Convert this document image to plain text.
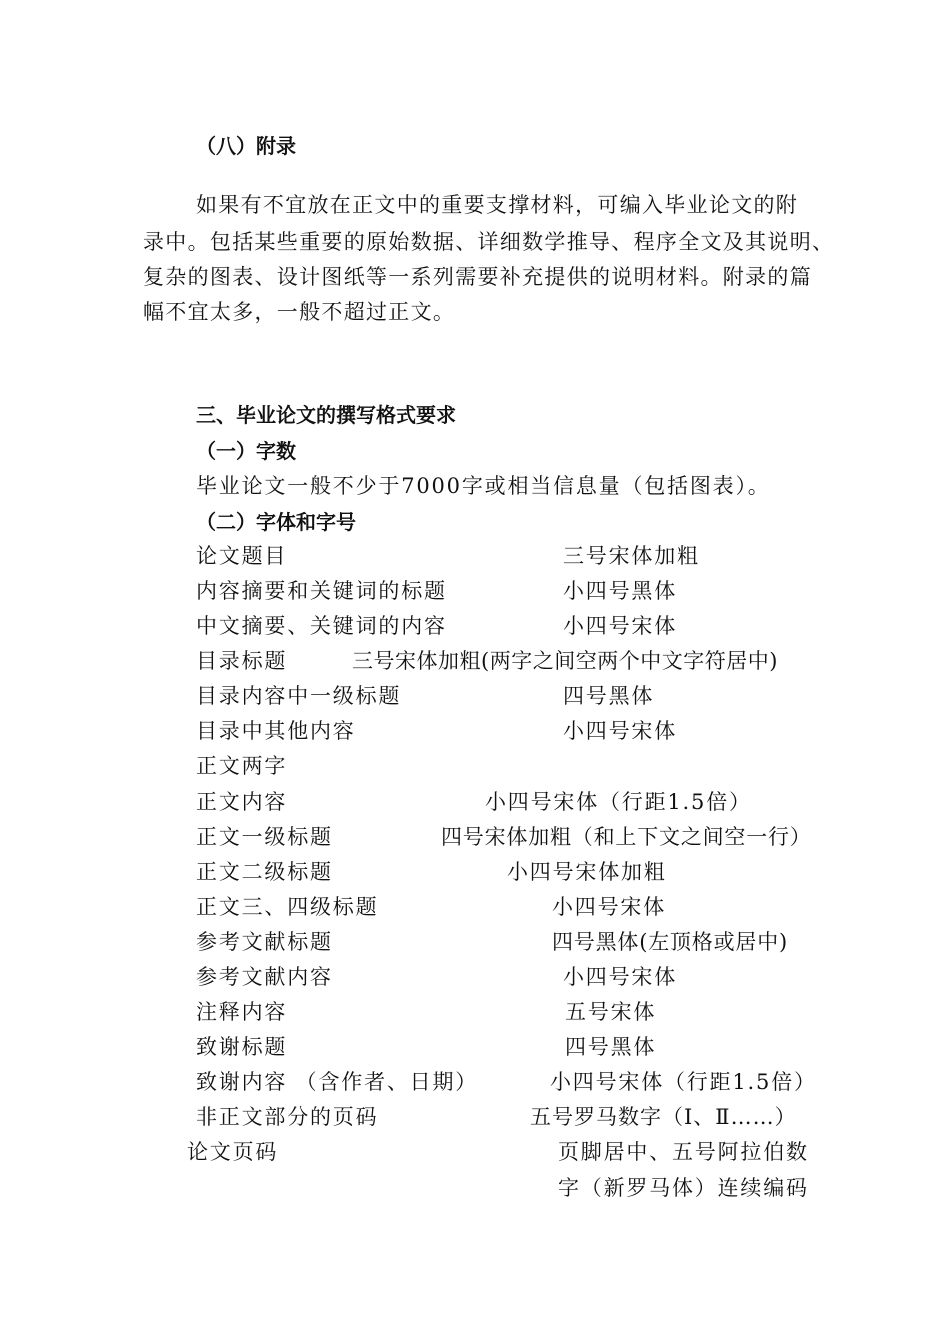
（八）附录
如果有不宜放在正文中的重要支撑材料，可编入毕业论文的附
录中。包括某些重要的原始数据、详细数学推导、程序全文及其说明、
复杂的图表、设计图纸等一系列需要补充提供的说明材料。附录的篇
幅不宜太多，一般不超过正文。
三、毕业论文的撰写格式要求
（一）字数
毕业论文一般不少于7000字或相当信息量（包括图表）。
（二）字体和字号
论文题目	三号宋体加粗
内容摘要和关键词的标题	小四号黑体
中文摘要、关键词的内容	小四号宋体
目录标题	三号宋体加粗(两字之间空两个中文字符居中)
目录内容中一级标题	四号黑体
目录中其他内容	小四号宋体
正文两字
正文内容	小四号宋体（行距1.5倍）
正文一级标题	四号宋体加粗（和上下文之间空一行）
正文二级标题	小四号宋体加粗
正文三、四级标题	小四号宋体
参考文献标题	四号黑体(左顶格或居中)
参考文献内容	小四号宋体
注释内容	五号宋体
致谢标题	四号黑体
致谢内容 （含作者、日期）	小四号宋体（行距1.5倍）
非正文部分的页码	五号罗马数字（Ⅰ、Ⅱ……）
论文页码	页脚居中、五号阿拉伯数
字（新罗马体）连续编码
